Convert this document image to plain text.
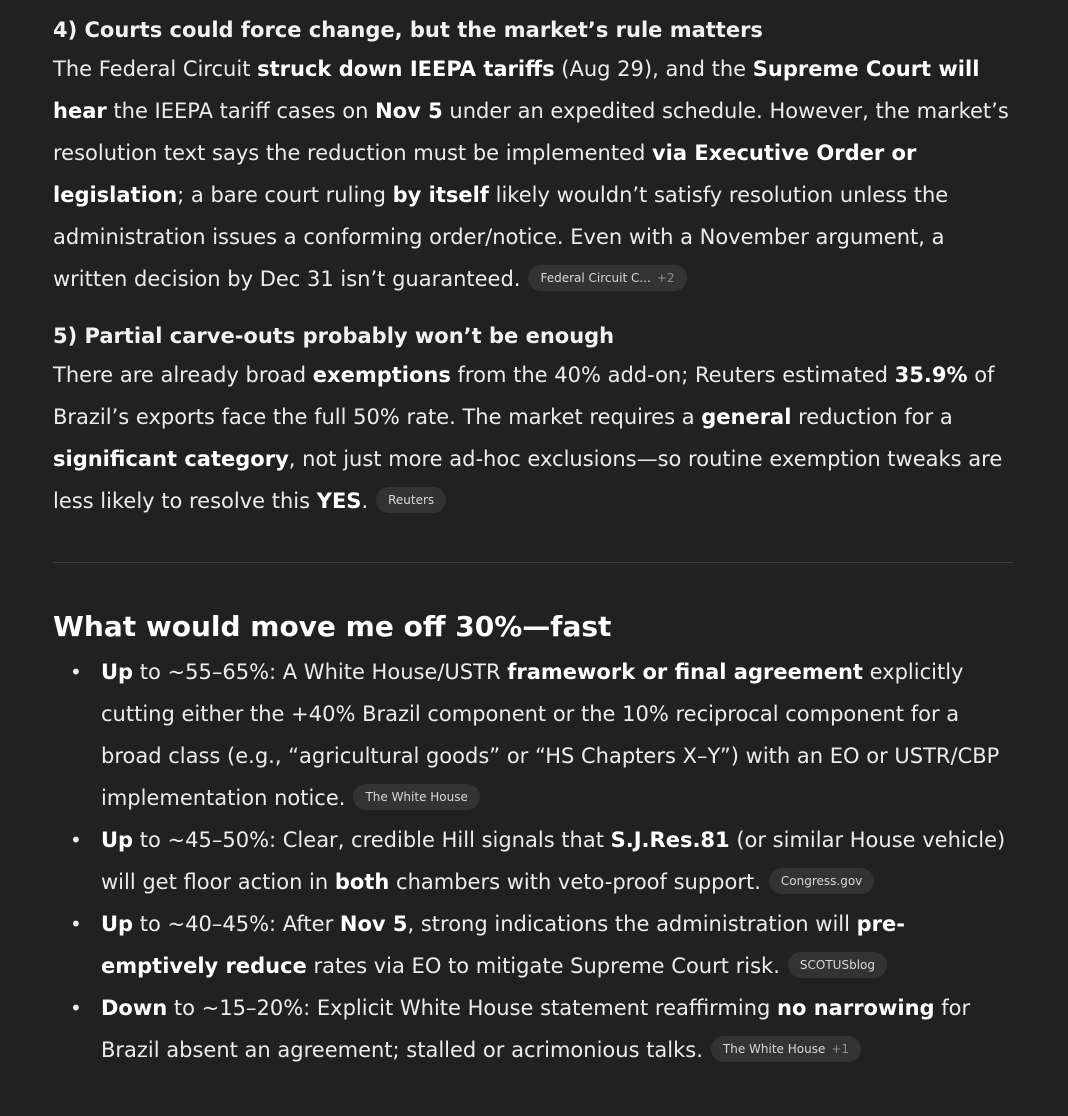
4) Courts could force change, but the market’s rule matters

The Federal Circuit struck down IEEPA tariffs (Aug 29), and the Supreme Court will hear the IEEPA tariff cases on Nov 5 under an expedited schedule. However, the market’s resolution text says the reduction must be implemented via Executive Order or legislation; a bare court ruling by itself likely wouldn’t satisfy resolution unless the administration issues a conforming order/notice. Even with a November argument, a written decision by Dec 31 isn’t guaranteed. Federal Circuit C... +2

5) Partial carve-outs probably won’t be enough

There are already broad exemptions from the 40% add-on; Reuters estimated 35.9% of Brazil’s exports face the full 50% rate. The market requires a general reduction for a significant category, not just more ad-hoc exclusions—so routine exemption tweaks are less likely to resolve this YES. Reuters

What would move me off 30%—fast
• Up to ~55–65%: A White House/USTR framework or final agreement explicitly cutting either the +40% Brazil component or the 10% reciprocal component for a broad class (e.g., “agricultural goods” or “HS Chapters X–Y”) with an EO or USTR/CBP implementation notice. The White House
• Up to ~45–50%: Clear, credible Hill signals that S.J.Res.81 (or similar House vehicle) will get floor action in both chambers with veto-proof support. Congress.gov
• Up to ~40–45%: After Nov 5, strong indications the administration will pre-emptively reduce rates via EO to mitigate Supreme Court risk. SCOTUSblog
• Down to ~15–20%: Explicit White House statement reaffirming no narrowing for Brazil absent an agreement; stalled or acrimonious talks. The White House +1
